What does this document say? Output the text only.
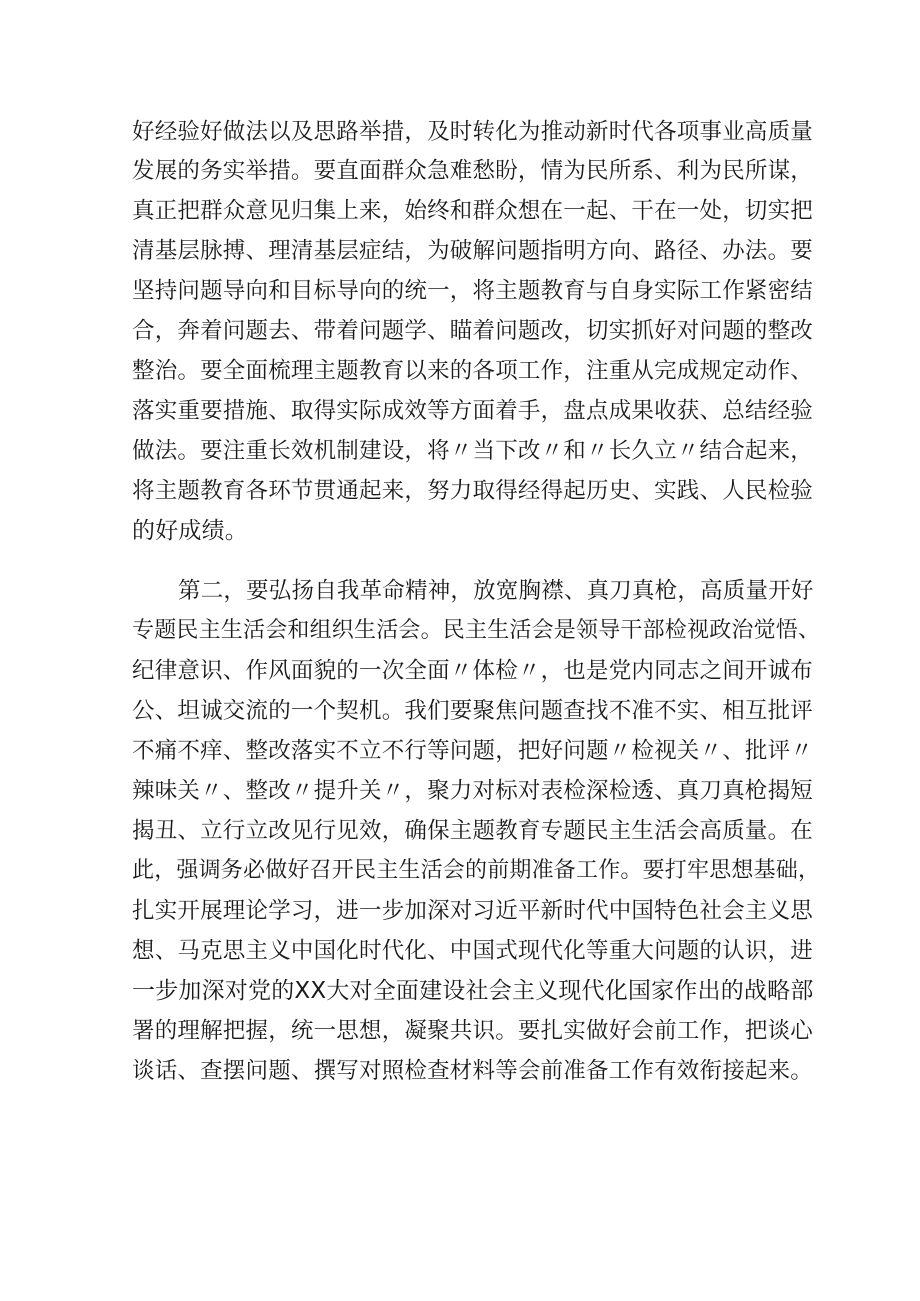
好经验好做法以及思路举措，及时转化为推动新时代各项事业高质量
发展的务实举措。要直面群众急难愁盼，情为民所系、利为民所谋，
真正把群众意见归集上来，始终和群众想在一起、干在一处，切实把
清基层脉搏、理清基层症结，为破解问题指明方向、路径、办法。要
坚持问题导向和目标导向的统一，将主题教育与自身实际工作紧密结
合，奔着问题去、带着问题学、瞄着问题改，切实抓好对问题的整改
整治。要全面梳理主题教育以来的各项工作，注重从完成规定动作、
落实重要措施、取得实际成效等方面着手，盘点成果收获、总结经验
做法。要注重长效机制建设，将〃当下改〃和〃长久立〃结合起来，
将主题教育各环节贯通起来，努力取得经得起历史、实践、人民检验
的好成绩。
第二，要弘扬自我革命精神，放宽胸襟、真刀真枪，高质量开好
专题民主生活会和组织生活会。民主生活会是领导干部检视政治觉悟、
纪律意识、作风面貌的一次全面〃体检〃，也是党内同志之间开诚布
公、坦诚交流的一个契机。我们要聚焦问题查找不准不实、相互批评
不痛不痒、整改落实不立不行等问题，把好问题〃检视关〃、批评〃
辣味关〃、整改〃提升关〃，聚力对标对表检深检透、真刀真枪揭短
揭丑、立行立改见行见效，确保主题教育专题民主生活会高质量。在
此，强调务必做好召开民主生活会的前期准备工作。要打牢思想基础，
扎实开展理论学习，进一步加深对习近平新时代中国特色社会主义思
想、马克思主义中国化时代化、中国式现代化等重大问题的认识，进
一步加深对党的XX大对全面建设社会主义现代化国家作出的战略部
署的理解把握，统一思想，凝聚共识。要扎实做好会前工作，把谈心
谈话、查摆问题、撰写对照检查材料等会前准备工作有效衔接起来。
